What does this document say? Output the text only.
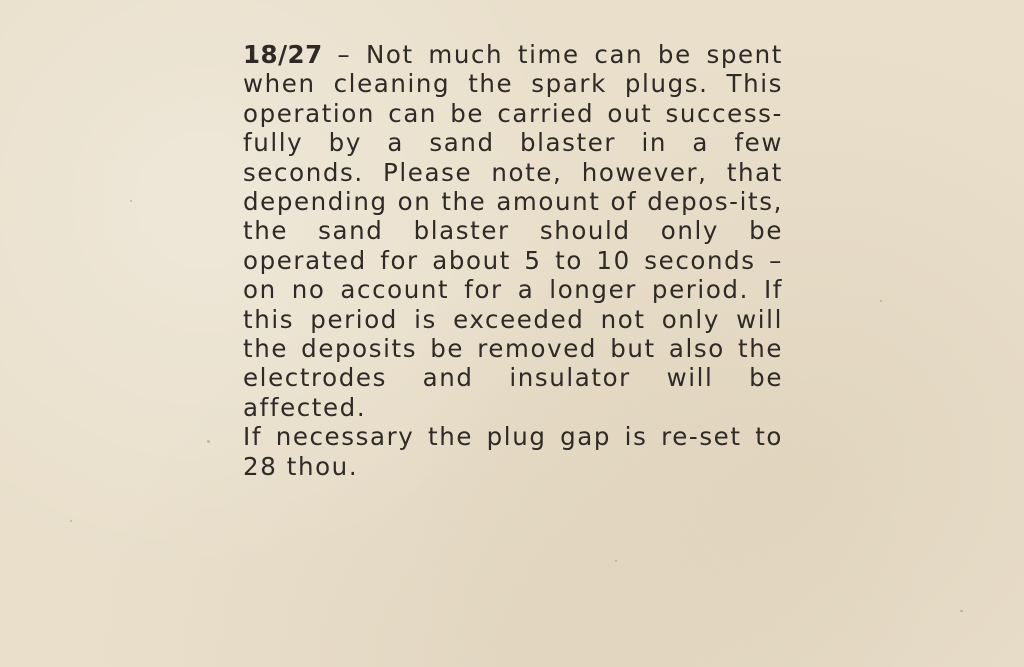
18/27 – Not much time can be spent when cleaning the spark plugs. This operation can be carried out success-fully by a sand blaster in a few seconds. Please note, however, that depending on the amount of depos-its, the sand blaster should only be operated for about 5 to 10 seconds – on no account for a longer period. If this period is exceeded not only will the deposits be removed but also the electrodes and insulator will be affected.

If necessary the plug gap is re-set to 28 thou.
